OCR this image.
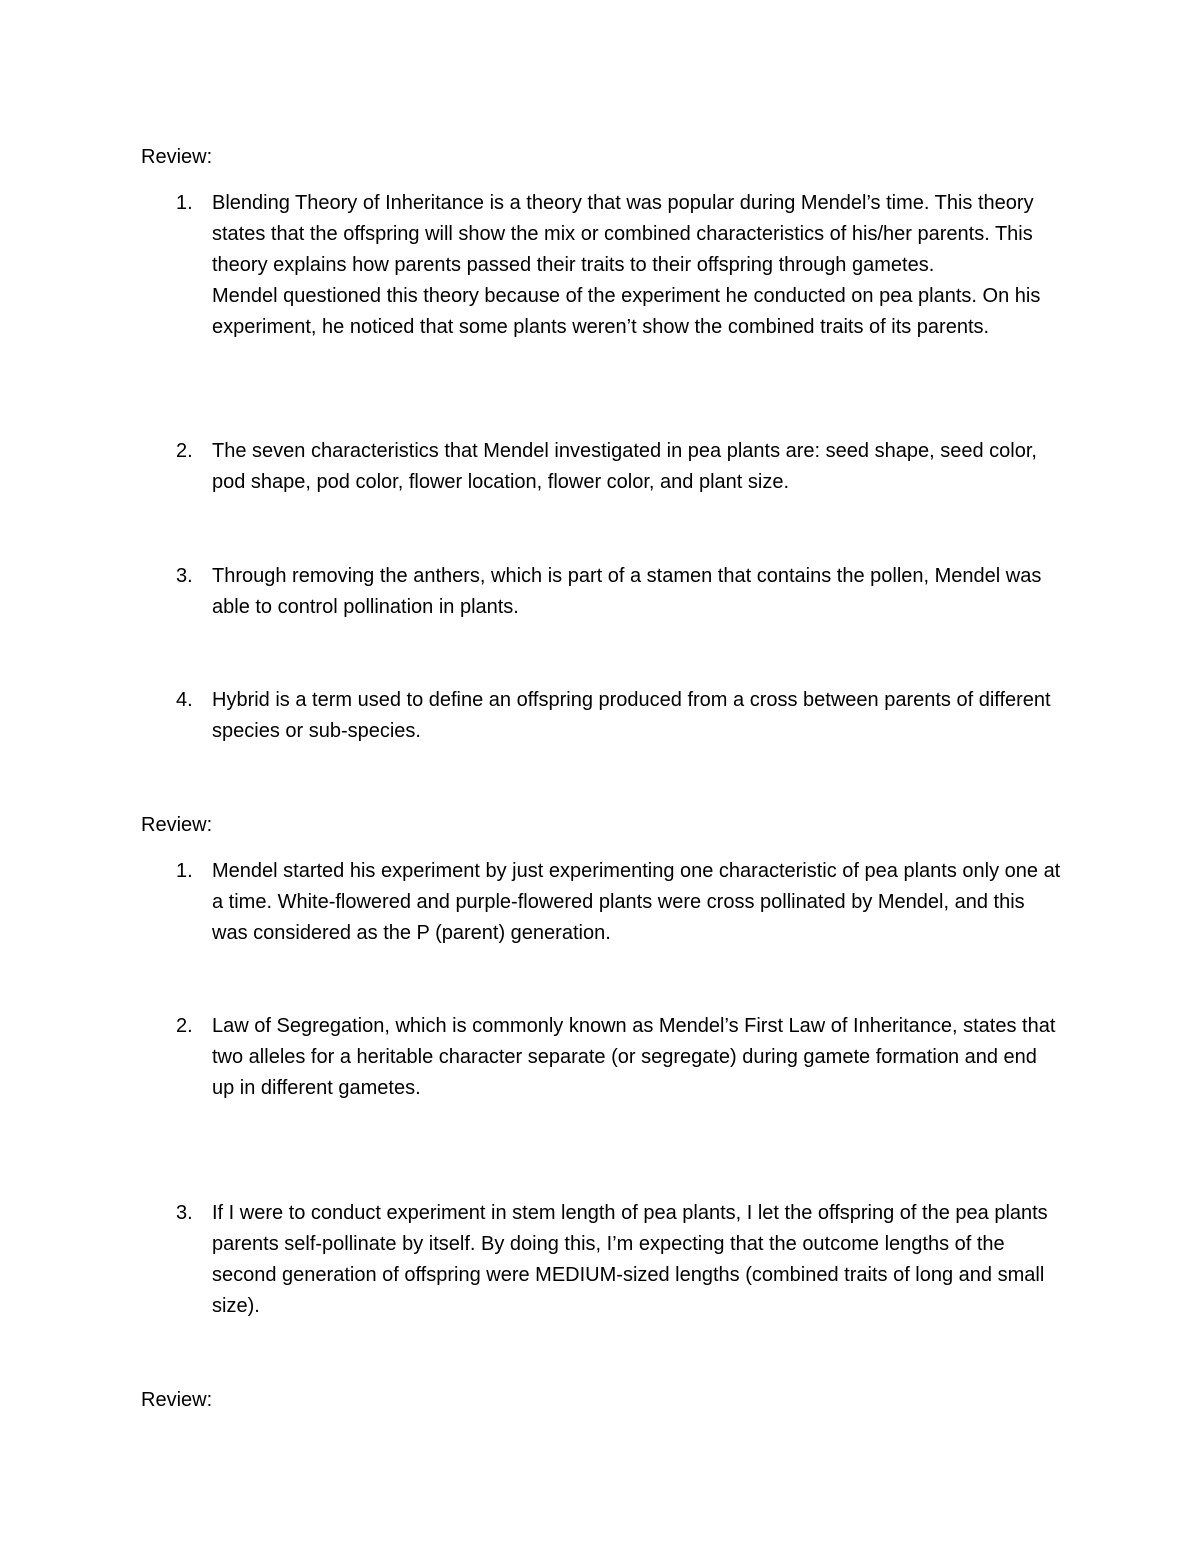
Review:
1. Blending Theory of Inheritance is a theory that was popular during Mendel’s time. This theory states that the offspring will show the mix or combined characteristics of his/her parents. This theory explains how parents passed their traits to their offspring through gametes.

Mendel questioned this theory because of the experiment he conducted on pea plants. On his experiment, he noticed that some plants weren’t show the combined traits of its parents.

2. The seven characteristics that Mendel investigated in pea plants are: seed shape, seed color, pod shape, pod color, flower location, flower color, and plant size.

3. Through removing the anthers, which is part of a stamen that contains the pollen, Mendel was able to control pollination in plants.

4. Hybrid is a term used to define an offspring produced from a cross between parents of different species or sub-species.

Review:
1. Mendel started his experiment by just experimenting one characteristic of pea plants only one at a time. White-flowered and purple-flowered plants were cross pollinated by Mendel, and this was considered as the P (parent) generation.

2. Law of Segregation, which is commonly known as Mendel’s First Law of Inheritance, states that two alleles for a heritable character separate (or segregate) during gamete formation and end up in different gametes.

3. If I were to conduct experiment in stem length of pea plants, I let the offspring of the pea plants parents self-pollinate by itself. By doing this, I’m expecting that the outcome lengths of the second generation of offspring were MEDIUM-sized lengths (combined traits of long and small size).

Review:
